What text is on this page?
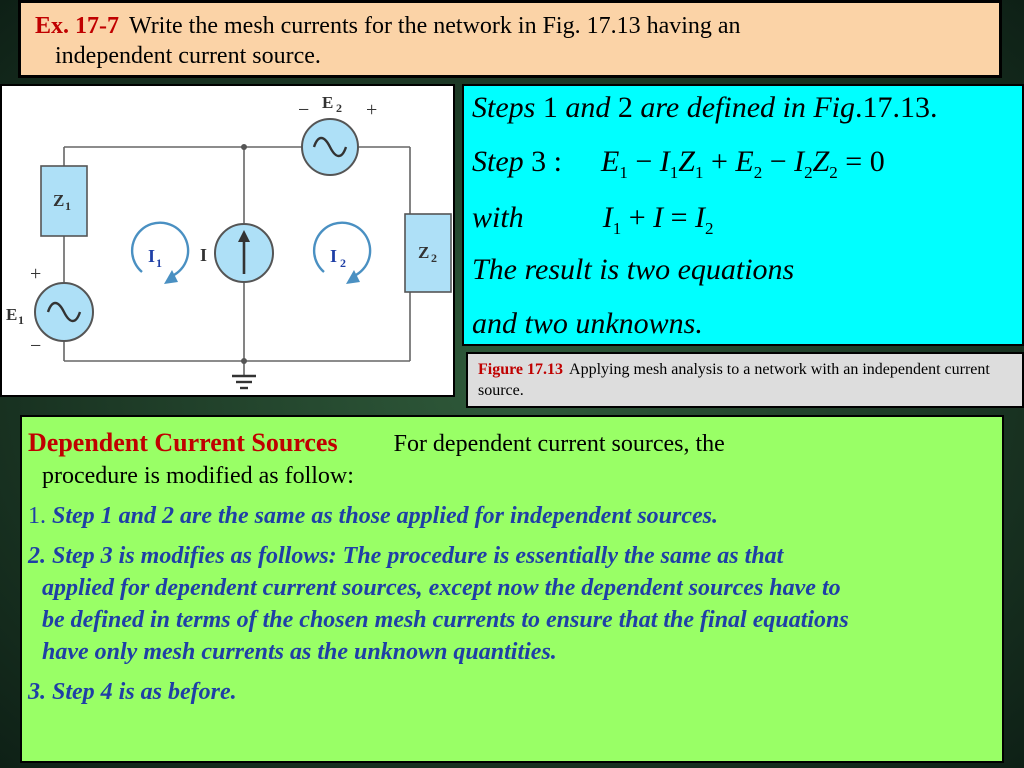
Ex. 17-7 Write the mesh currents for the network in Fig. 17.13 having an
independent current source.
−	+
E 2
+
−
E 1
Z 1
Z 2
I
I 1	I 2
Steps 1 and 2 are defined in Fig.17.13.
Step 3 : $E_1 - I_1Z_1 + E_2 - I_2Z_2 = 0$
with	$I_1 + I = I_2$
The result is two equations
and two unknowns.
Figure 17.13 Applying mesh analysis to a network with an independent current source.
Dependent Current Sources For dependent current sources, the
procedure is modified as follow:
1. Step 1 and 2 are the same as those applied for independent sources.
2. Step 3 is modifies as follows: The procedure is essentially the same as that
applied for dependent current sources, except now the dependent sources have to
be defined in terms of the chosen mesh currents to ensure that the final equations
have only mesh currents as the unknown quantities.
3. Step 4 is as before.
